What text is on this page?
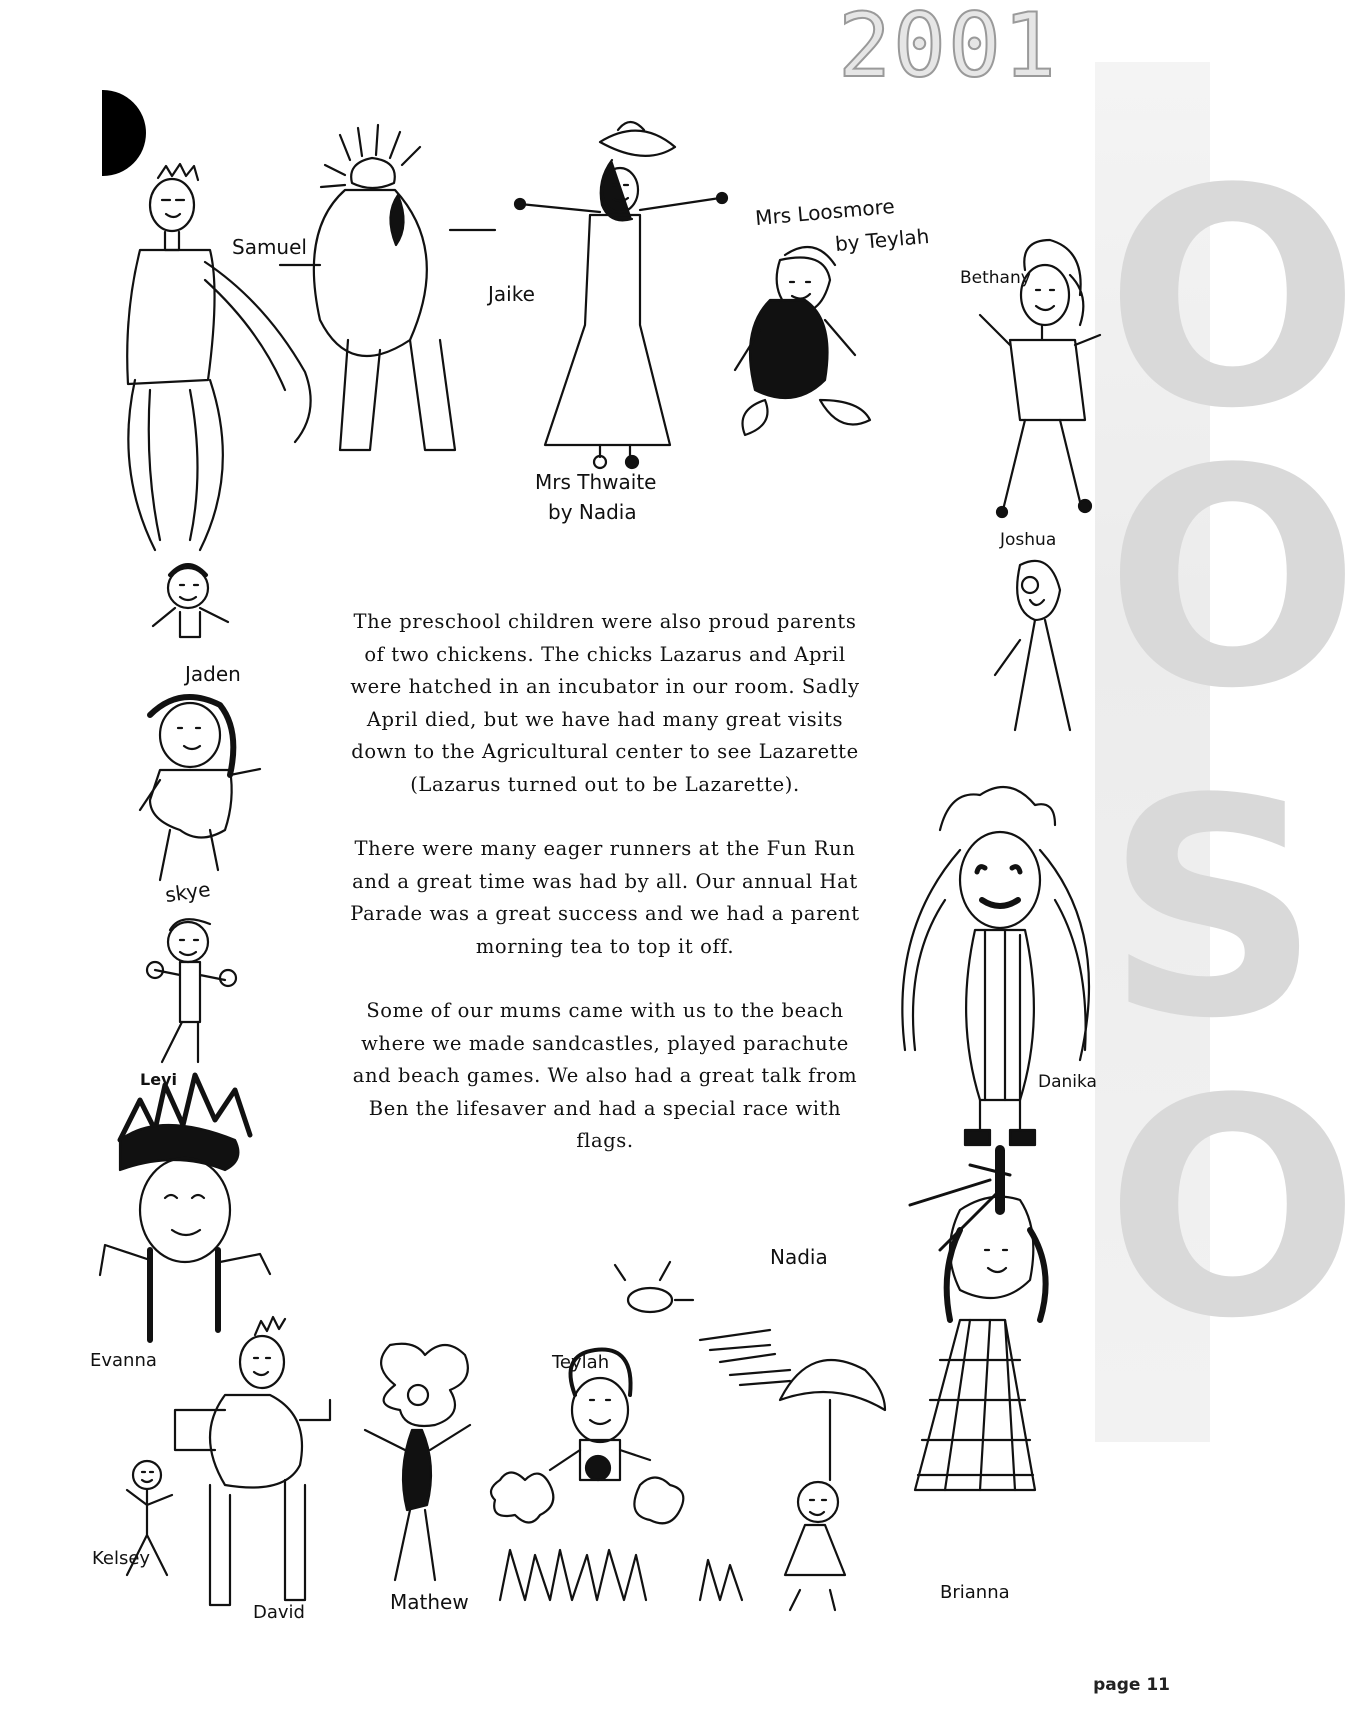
O
O
S
O
2001
Samuel
Jaike
Mrs Thwaite
by Nadia
Mrs Loosmore
by Teylah
Bethany
Joshua
Jaden
skye
Levi	Danika
Evanna
Nadia
Teylah
Kelsey
David	Mathew	Brianna

The preschool children were also proud parents of two chickens. The chicks Lazarus and April were hatched in an incubator in our room. Sadly April died, but we have had many great visits down to the Agricultural center to see Lazarette (Lazarus turned out to be Lazarette).

There were many eager runners at the Fun Run and a great time was had by all. Our annual Hat Parade was a great success and we had a parent morning tea to top it off.

Some of our mums came with us to the beach where we made sandcastles, played parachute and beach games. We also had a great talk from Ben the lifesaver and had a special race with flags.

page 11
